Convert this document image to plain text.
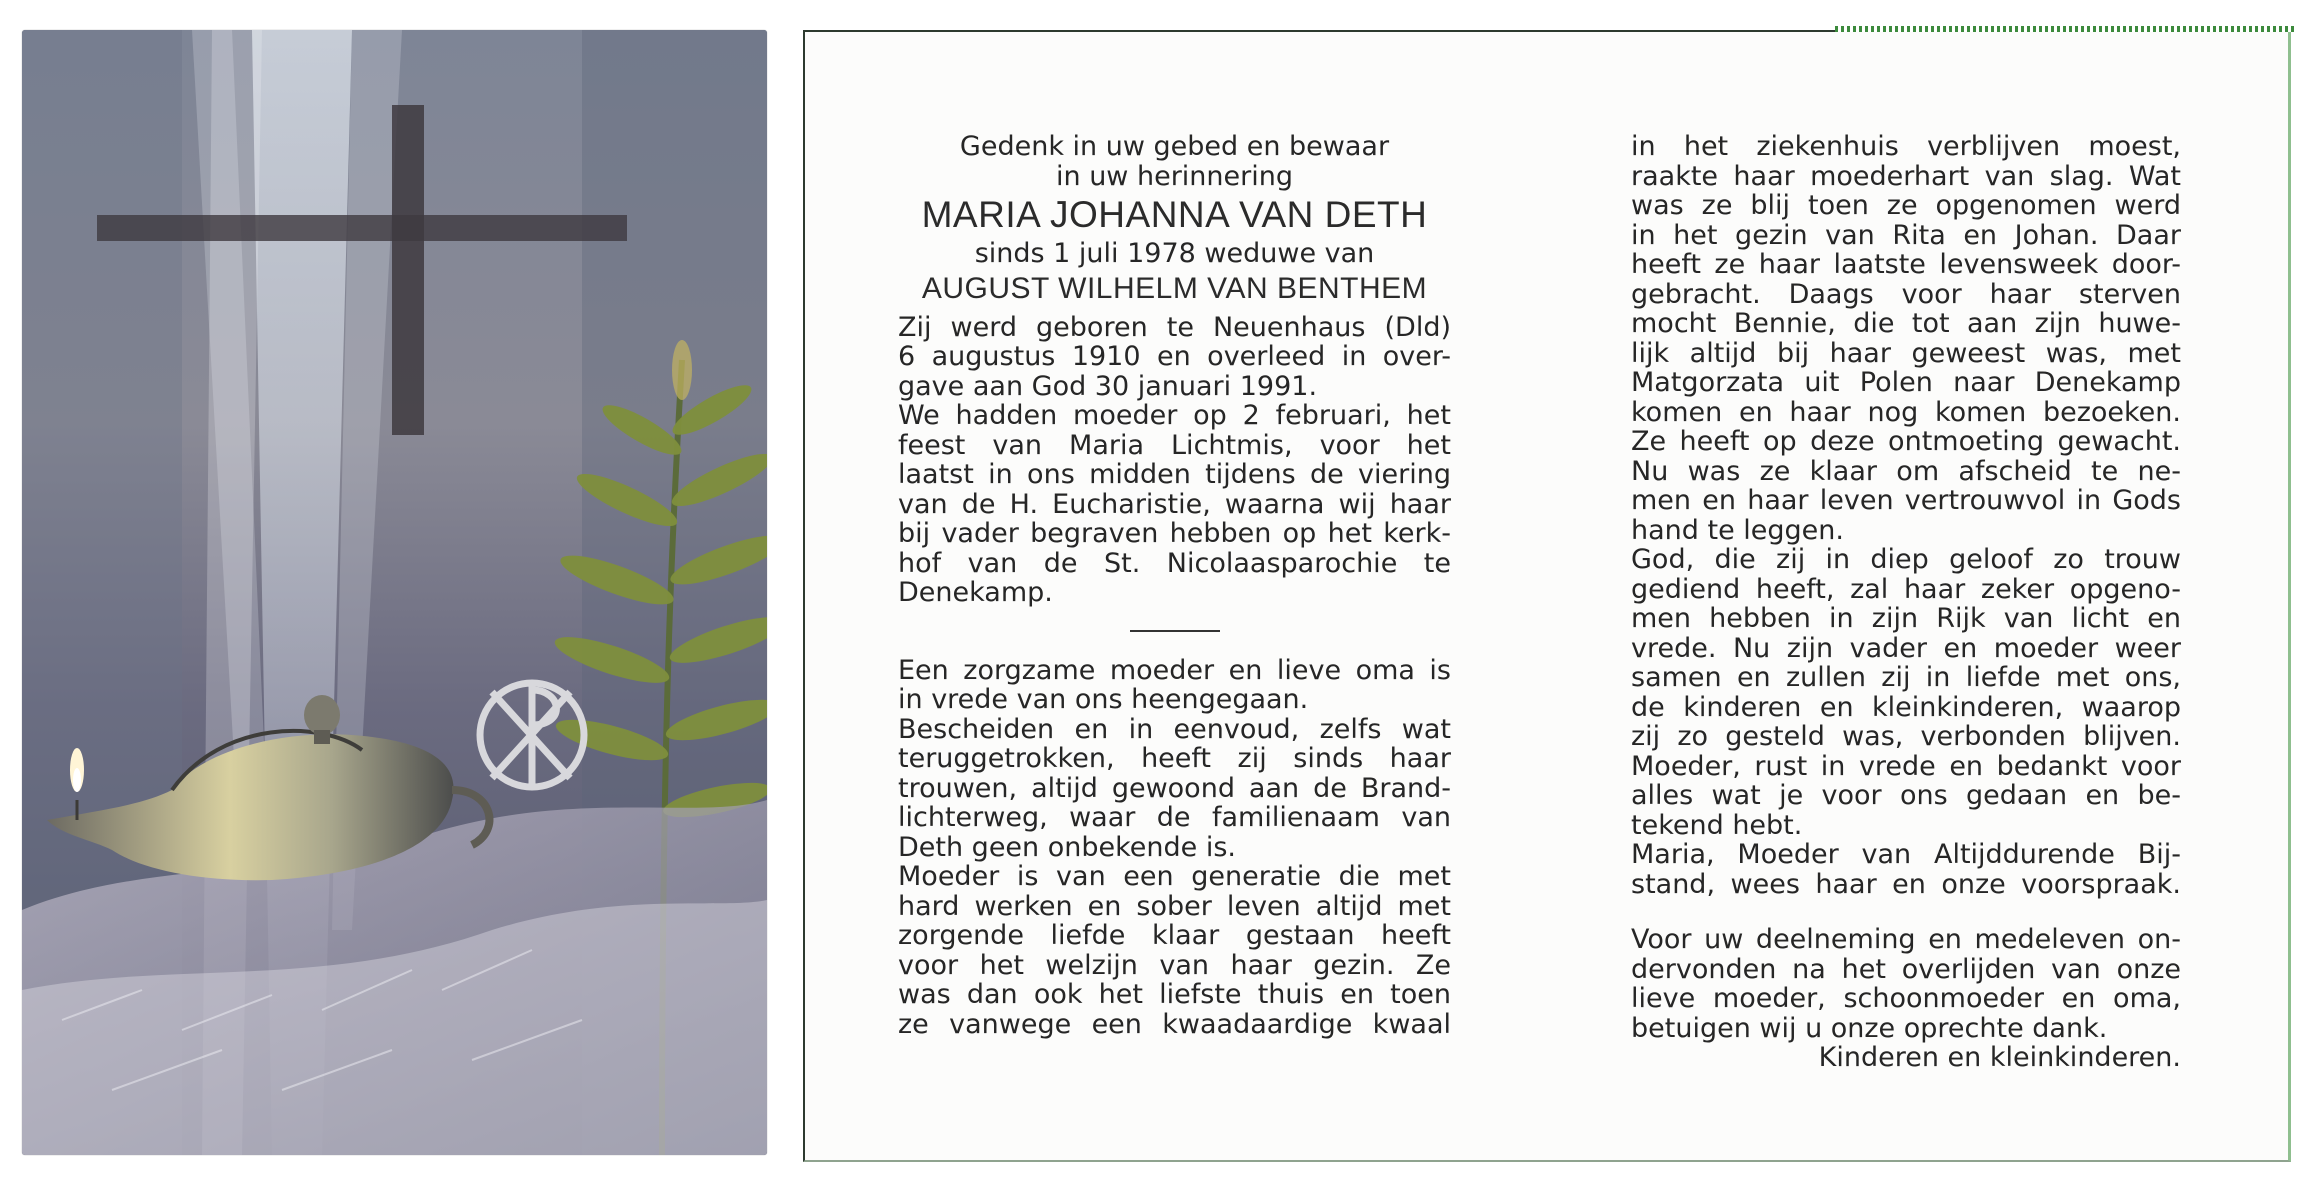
Gedenk in uw gebed en bewaar
in uw herinnering
MARIA JOHANNA VAN DETH
sinds 1 juli 1978 weduwe van
AUGUST WILHELM VAN BENTHEM
Zij werd geboren te Neuenhaus (Dld)
6 augustus 1910 en overleed in over-
gave aan God 30 januari 1991.
We hadden moeder op 2 februari, het
feest van Maria Lichtmis, voor het
laatst in ons midden tijdens de viering
van de H. Eucharistie, waarna wij haar
bij vader begraven hebben op het kerk-
hof van de St. Nicolaasparochie te
Denekamp.
Een zorgzame moeder en lieve oma is
in vrede van ons heengegaan.
Bescheiden en in eenvoud, zelfs wat
teruggetrokken, heeft zij sinds haar
trouwen, altijd gewoond aan de Brand-
lichterweg, waar de familienaam van
Deth geen onbekende is.
Moeder is van een generatie die met
hard werken en sober leven altijd met
zorgende liefde klaar gestaan heeft
voor het welzijn van haar gezin. Ze
was dan ook het liefste thuis en toen
ze vanwege een kwaadaardige kwaal
in het ziekenhuis verblijven moest,
raakte haar moederhart van slag. Wat
was ze blij toen ze opgenomen werd
in het gezin van Rita en Johan. Daar
heeft ze haar laatste levensweek door-
gebracht. Daags voor haar sterven
mocht Bennie, die tot aan zijn huwe-
lijk altijd bij haar geweest was, met
Matgorzata uit Polen naar Denekamp
komen en haar nog komen bezoeken.
Ze heeft op deze ontmoeting gewacht.
Nu was ze klaar om afscheid te ne-
men en haar leven vertrouwvol in Gods
hand te leggen.
God, die zij in diep geloof zo trouw
gediend heeft, zal haar zeker opgeno-
men hebben in zijn Rijk van licht en
vrede. Nu zijn vader en moeder weer
samen en zullen zij in liefde met ons,
de kinderen en kleinkinderen, waarop
zij zo gesteld was, verbonden blijven.
Moeder, rust in vrede en bedankt voor
alles wat je voor ons gedaan en be-
tekend hebt.
Maria, Moeder van Altijddurende Bij-
stand, wees haar en onze voorspraak.
Voor uw deelneming en medeleven on-
dervonden na het overlijden van onze
lieve moeder, schoonmoeder en oma,
betuigen wij u onze oprechte dank.
Kinderen en kleinkinderen.
